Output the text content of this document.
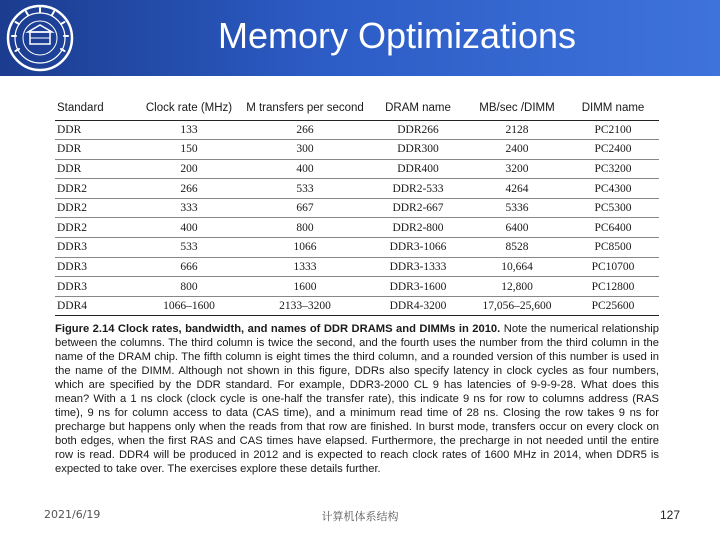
Memory Optimizations
Standard	Clock rate (MHz)	M transfers per second	DRAM name	MB/sec /DIMM	DIMM name
DDR	133	266	DDR266	2128	PC2100
DDR	150	300	DDR300	2400	PC2400
DDR	200	400	DDR400	3200	PC3200
DDR2	266	533	DDR2-533	4264	PC4300
DDR2	333	667	DDR2-667	5336	PC5300
DDR2	400	800	DDR2-800	6400	PC6400
DDR3	533	1066	DDR3-1066	8528	PC8500
DDR3	666	1333	DDR3-1333	10,664	PC10700
DDR3	800	1600	DDR3-1600	12,800	PC12800
DDR4	1066–1600	2133–3200	DDR4-3200	17,056–25,600	PC25600

Figure 2.14 Clock rates, bandwidth, and names of DDR DRAMS and DIMMs in 2010. Note the numerical relationship between the columns. The third column is twice the second, and the fourth uses the number from the third column in the name of the DRAM chip. The fifth column is eight times the third column, and a rounded version of this number is used in the name of the DIMM. Although not shown in this figure, DDRs also specify latency in clock cycles as four numbers, which are specified by the DDR standard. For example, DDR3-2000 CL 9 has latencies of 9-9-9-28. What does this mean? With a 1 ns clock (clock cycle is one-half the transfer rate), this indicate 9 ns for row to columns address (RAS time), 9 ns for column access to data (CAS time), and a minimum read time of 28 ns. Closing the row takes 9 ns for precharge but happens only when the reads from that row are finished. In burst mode, transfers occur on every clock on both edges, when the first RAS and CAS times have elapsed. Furthermore, the precharge in not needed until the entire row is read. DDR4 will be produced in 2012 and is expected to reach clock rates of 1600 MHz in 2014, when DDR5 is expected to take over. The exercises explore these details further.

2021/6/19	计算机体系结构	127
